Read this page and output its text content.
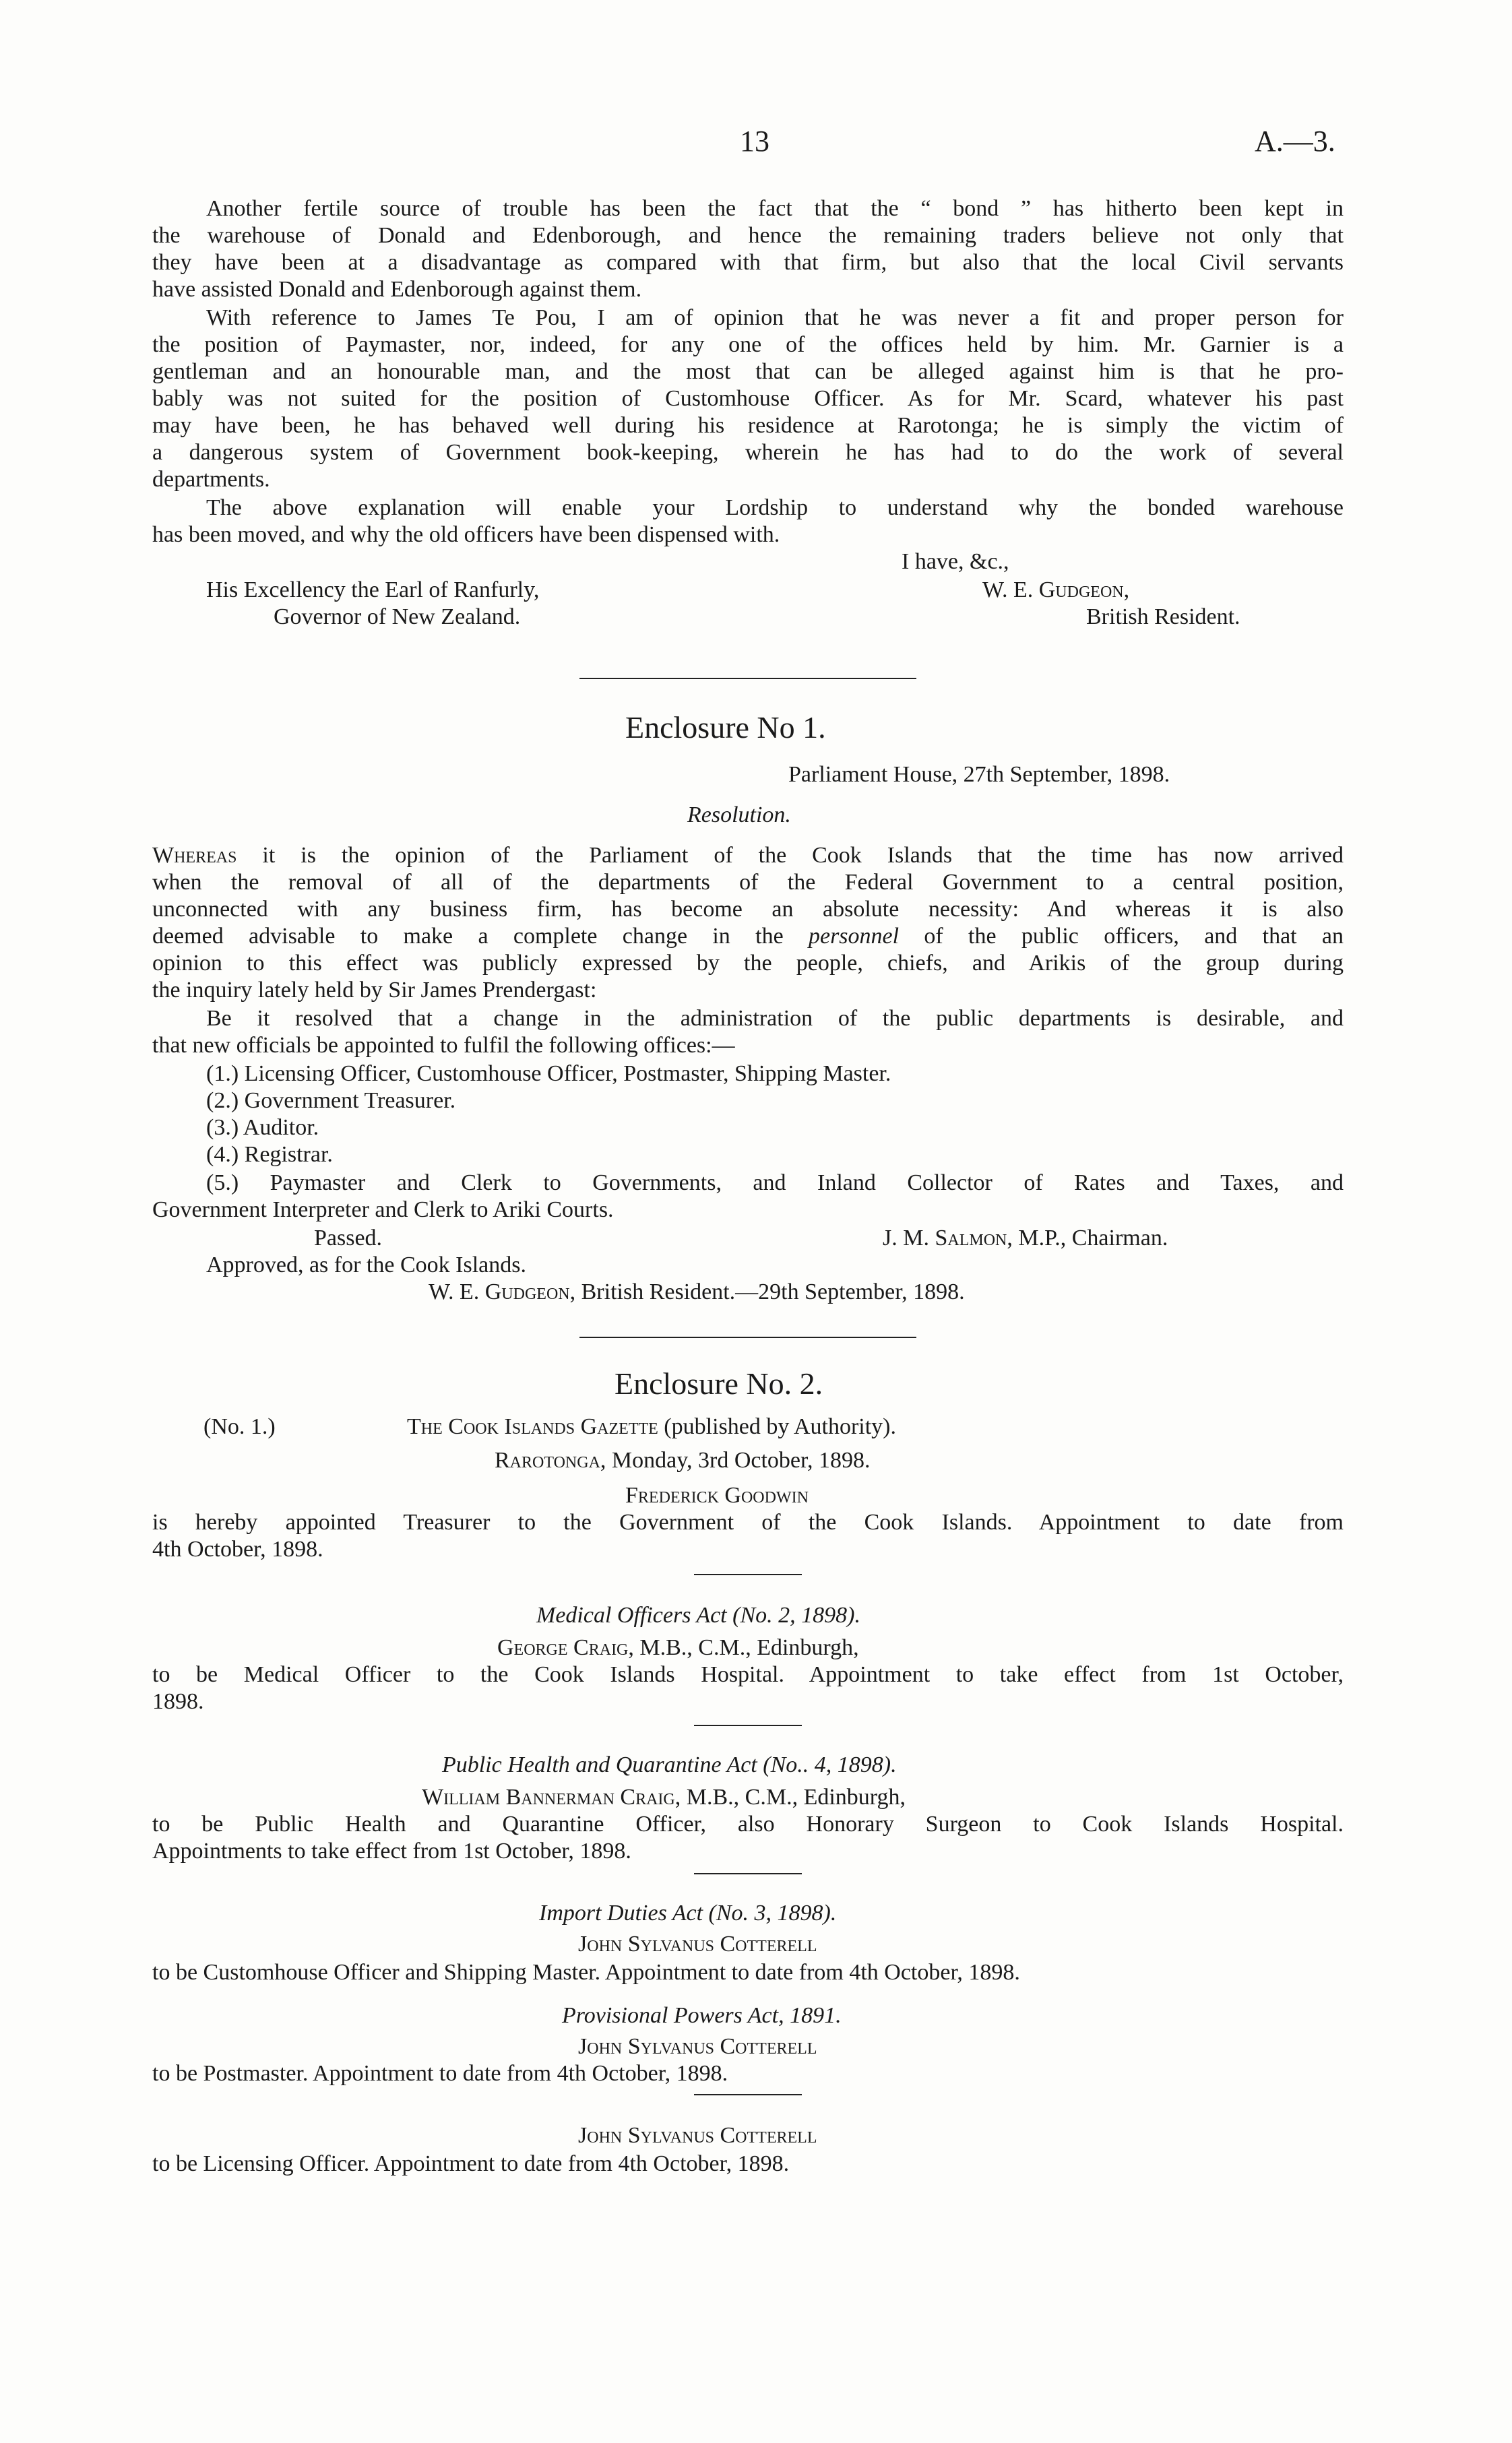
13	A.—3.
Another fertile source of trouble has been the fact that the “ bond ” has hitherto been kept in
the warehouse of Donald and Edenborough, and hence the remaining traders believe not only that
they have been at a disadvantage as compared with that firm, but also that the local Civil servants
have assisted Donald and Edenborough against them.
With reference to James Te Pou, I am of opinion that he was never a fit and proper person for
the position of Paymaster, nor, indeed, for any one of the offices held by him. Mr. Garnier is a
gentleman and an honourable man, and the most that can be alleged against him is that he pro-
bably was not suited for the position of Customhouse Officer. As for Mr. Scard, whatever his past
may have been, he has behaved well during his residence at Rarotonga; he is simply the victim of
a dangerous system of Government book-keeping, wherein he has had to do the work of several
departments.
The above explanation will enable your Lordship to understand why the bonded warehouse
has been moved, and why the old officers have been dispensed with.
I have, &c.,
His Excellency the Earl of Ranfurly,	W. E. Gudgeon,
Governor of New Zealand.	British Resident.
Enclosure No 1.
Parliament House, 27th September, 1898.
Resolution.
Whereas it is the opinion of the Parliament of the Cook Islands that the time has now arrived
when the removal of all of the departments of the Federal Government to a central position,
unconnected with any business firm, has become an absolute necessity: And whereas it is also
deemed advisable to make a complete change in the personnel of the public officers, and that an
opinion to this effect was publicly expressed by the people, chiefs, and Arikis of the group during
the inquiry lately held by Sir James Prendergast:
Be it resolved that a change in the administration of the public departments is desirable, and
that new officials be appointed to fulfil the following offices:—
(1.) Licensing Officer, Customhouse Officer, Postmaster, Shipping Master.
(2.) Government Treasurer.
(3.) Auditor.
(4.) Registrar.
(5.) Paymaster and Clerk to Governments, and Inland Collector of Rates and Taxes, and
Government Interpreter and Clerk to Ariki Courts.
Passed.	J. M. Salmon, M.P., Chairman.
Approved, as for the Cook Islands.
W. E. Gudgeon, British Resident.—29th September, 1898.
Enclosure No. 2.
(No. 1.)	The Cook Islands Gazette (published by Authority).
Rarotonga, Monday, 3rd October, 1898.
Frederick Goodwin
is hereby appointed Treasurer to the Government of the Cook Islands. Appointment to date from
4th October, 1898.
Medical Officers Act (No. 2, 1898).
George Craig, M.B., C.M., Edinburgh,
to be Medical Officer to the Cook Islands Hospital. Appointment to take effect from 1st October,
1898.
Public Health and Quarantine Act (No.. 4, 1898).
William Bannerman Craig, M.B., C.M., Edinburgh,
to be Public Health and Quarantine Officer, also Honorary Surgeon to Cook Islands Hospital.
Appointments to take effect from 1st October, 1898.
Import Duties Act (No. 3, 1898).
John Sylvanus Cotterell
to be Customhouse Officer and Shipping Master. Appointment to date from 4th October, 1898.
Provisional Powers Act, 1891.
John Sylvanus Cotterell
to be Postmaster. Appointment to date from 4th October, 1898.
John Sylvanus Cotterell
to be Licensing Officer. Appointment to date from 4th October, 1898.
